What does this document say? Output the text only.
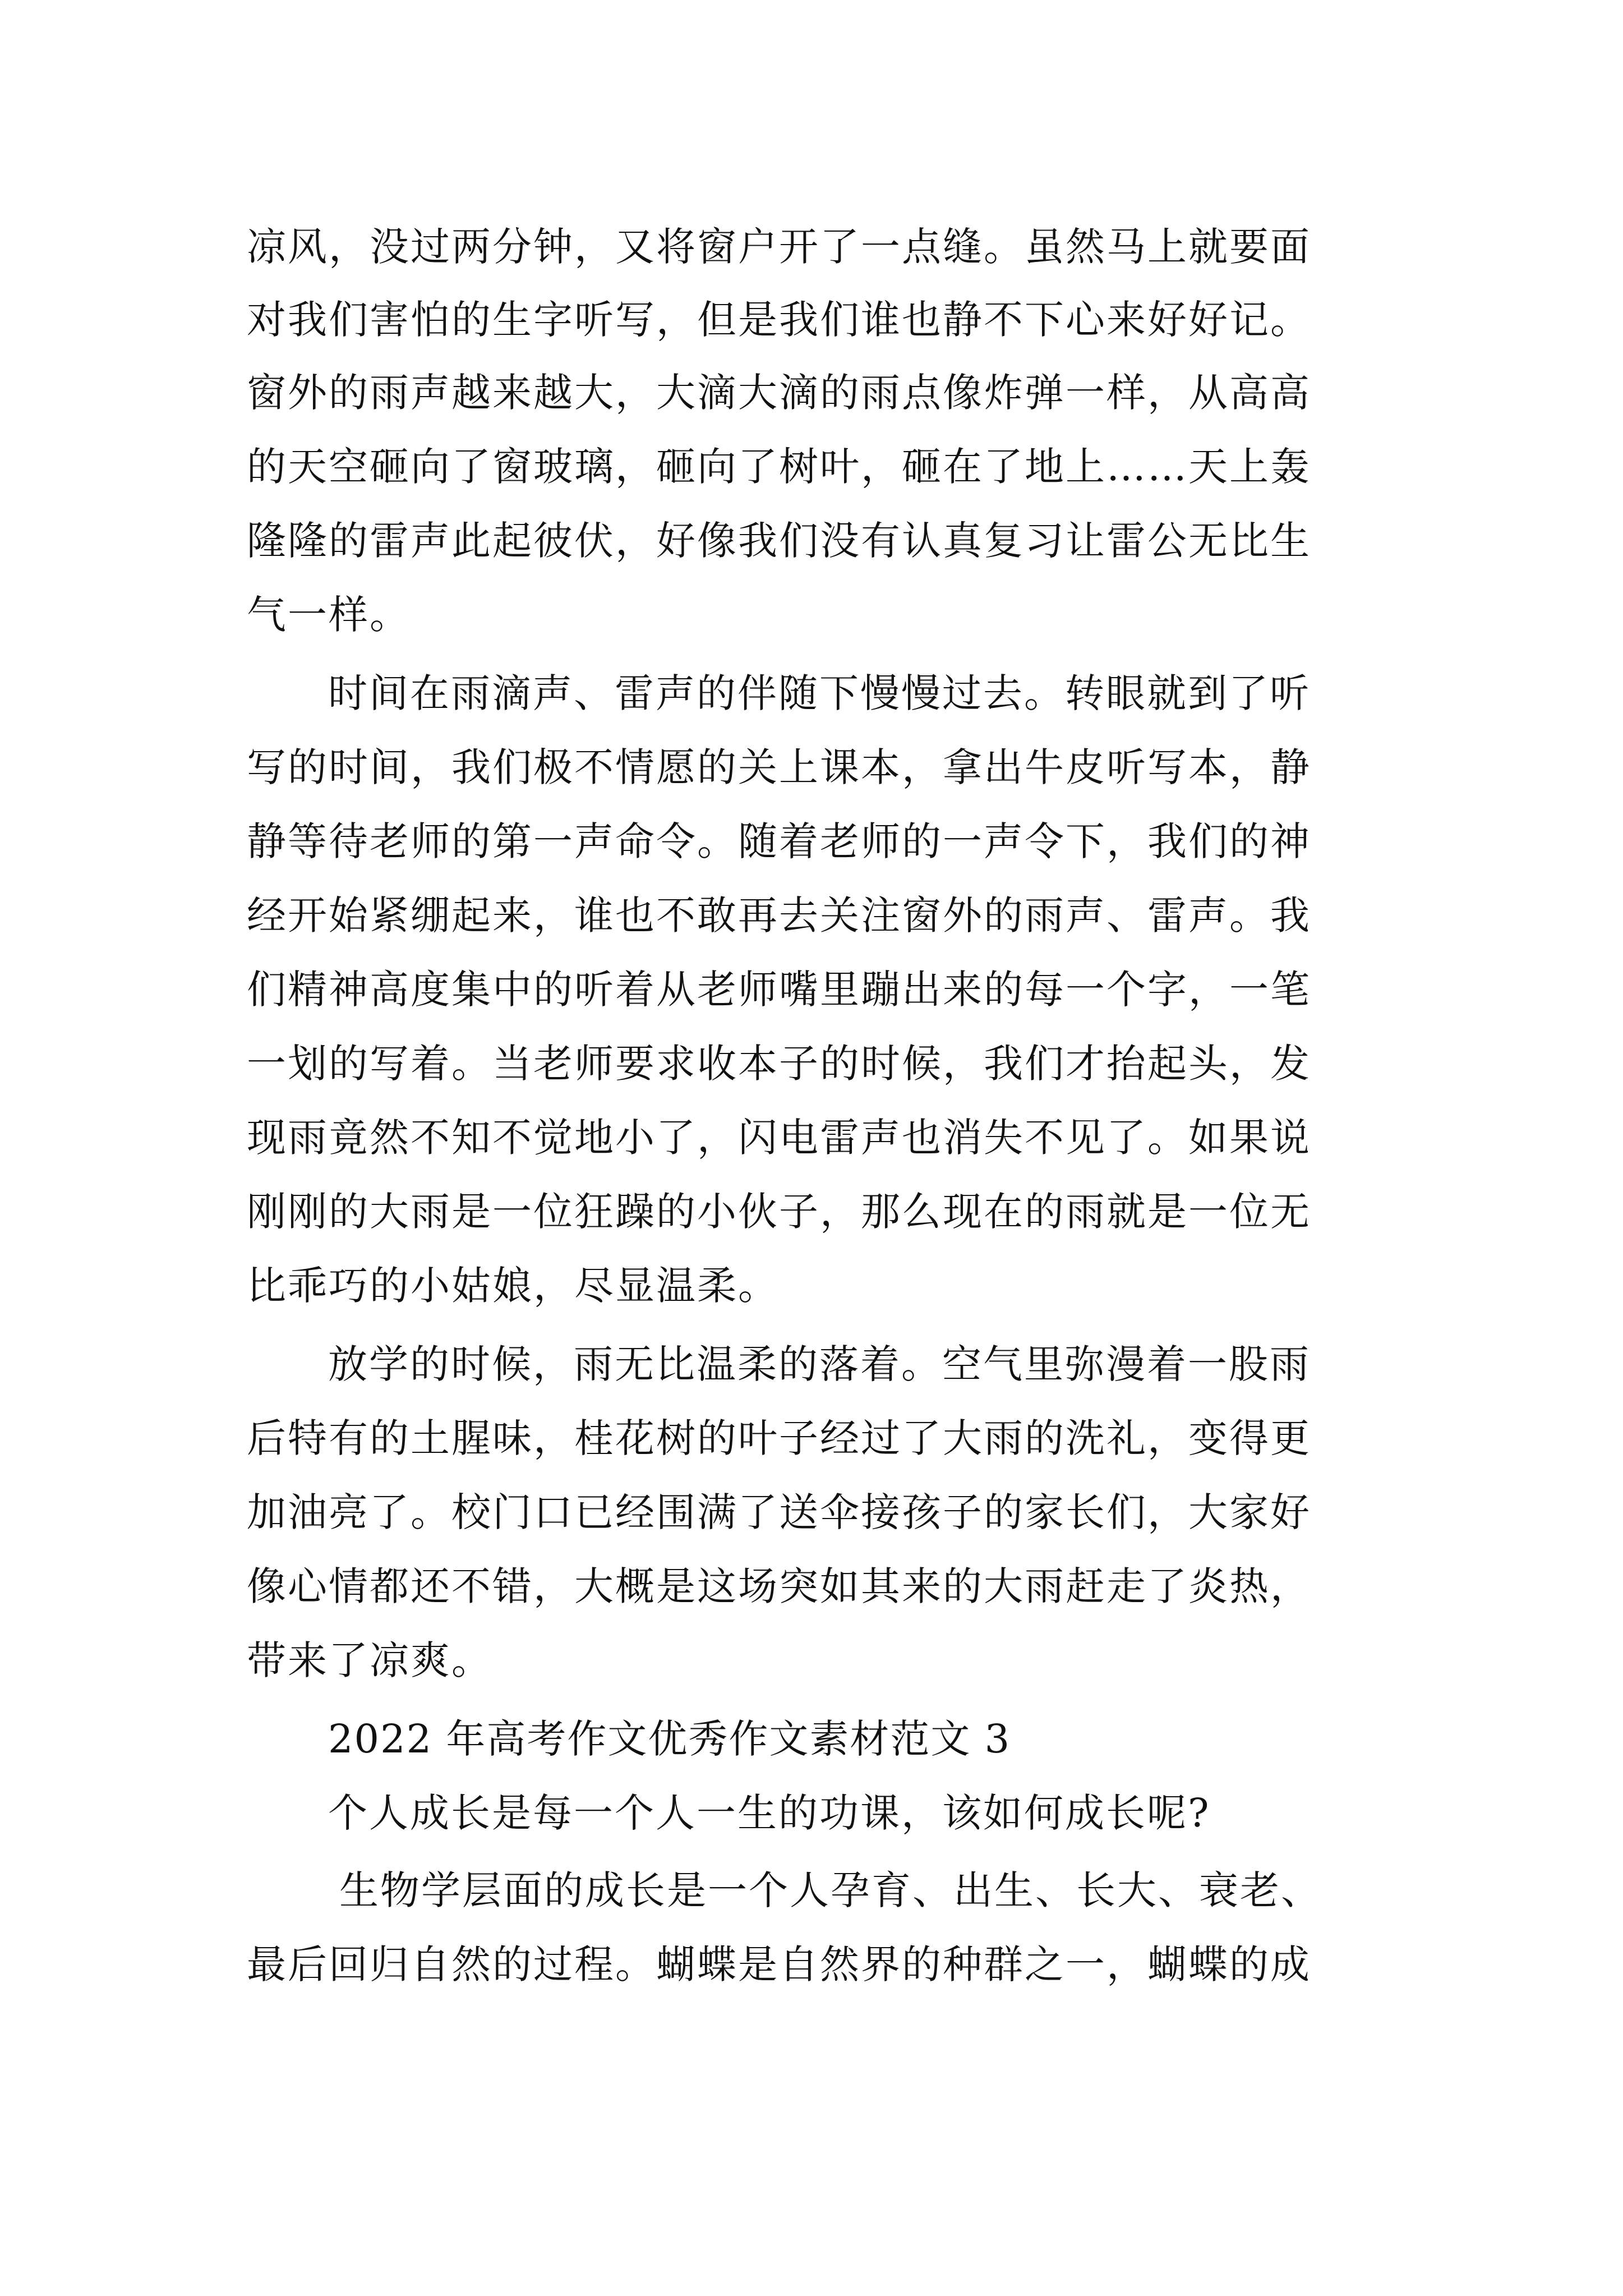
凉风，没过两分钟，又将窗户开了一点缝。虽然马上就要面
对我们害怕的生字听写，但是我们谁也静不下心来好好记。
窗外的雨声越来越大，大滴大滴的雨点像炸弹一样，从高高
的天空砸向了窗玻璃，砸向了树叶，砸在了地上……天上轰
隆隆的雷声此起彼伏，好像我们没有认真复习让雷公无比生
气一样。
时间在雨滴声、雷声的伴随下慢慢过去。转眼就到了听
写的时间，我们极不情愿的关上课本，拿出牛皮听写本，静
静等待老师的第一声命令。随着老师的一声令下，我们的神
经开始紧绷起来，谁也不敢再去关注窗外的雨声、雷声。我
们精神高度集中的听着从老师嘴里蹦出来的每一个字，一笔
一划的写着。当老师要求收本子的时候，我们才抬起头，发
现雨竟然不知不觉地小了，闪电雷声也消失不见了。如果说
刚刚的大雨是一位狂躁的小伙子，那么现在的雨就是一位无
比乖巧的小姑娘，尽显温柔。
放学的时候，雨无比温柔的落着。空气里弥漫着一股雨
后特有的土腥味，桂花树的叶子经过了大雨的洗礼，变得更
加油亮了。校门口已经围满了送伞接孩子的家长们，大家好
像心情都还不错，大概是这场突如其来的大雨赶走了炎热，
带来了凉爽。
2022 年高考作文优秀作文素材范文 3
个人成长是每一个人一生的功课，该如何成长呢?
生物学层面的成长是一个人孕育、出生、长大、衰老、
最后回归自然的过程。蝴蝶是自然界的种群之一，蝴蝶的成
